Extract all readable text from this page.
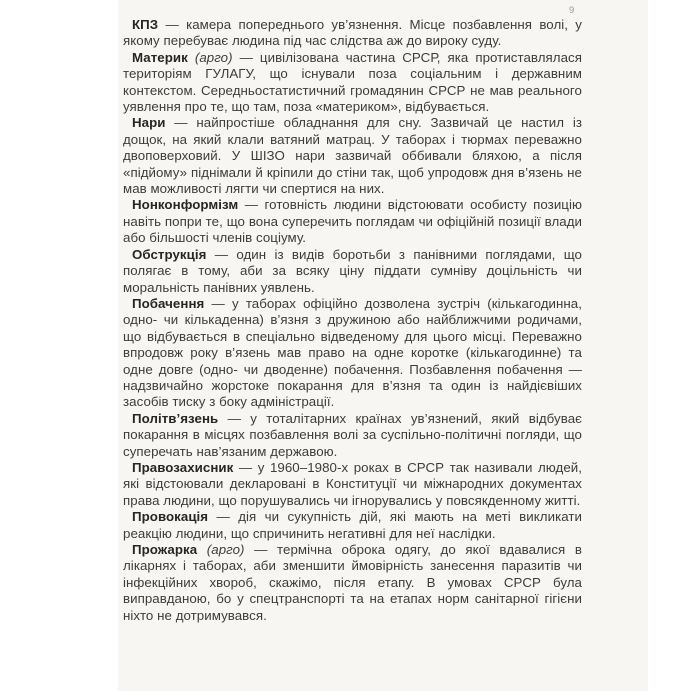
9

КПЗ — камера попереднього ув’язнення. Місце позбавлення волі, у якому перебуває людина під час слідства аж до вироку суду.

Материк (арго) — цивілізована частина СРСР, яка протиставлялася територіям ГУЛАГУ, що існували поза соціальним і державним контекстом. Середньостатистичний громадянин СРСР не мав реального уявлення про те, що там, поза «материком», відбувається.

Нари — найпростіше обладнання для сну. Зазвичай це настил із дощок, на який клали ватяний матрац. У таборах і тюрмах переважно двоповерховий. У ШІЗО нари зазвичай оббивали бляхою, а після «підйому» піднімали й кріпили до стіни так, щоб упродовж дня в’язень не мав можливості лягти чи спертися на них.

Нонконформізм — готовність людини відстоювати особисту позицію навіть попри те, що вона суперечить поглядам чи офіційній позиції влади або більшості членів соціуму.

Обструкція — один із видів боротьби з панівними поглядами, що полягає в тому, аби за всяку ціну піддати сумніву доцільність чи моральність панівних уявлень.

Побачення — у таборах офіційно дозволена зустріч (кількагодинна, одно- чи кількаденна) в’язня з дружиною або найближчими родичами, що відбувається в спеціально відведеному для цього місці. Переважно впродовж року в’язень мав право на одне коротке (кількагодинне) та одне довге (одно- чи дводенне) побачення. Позбавлення побачення — надзвичайно жорстоке покарання для в’язня та один із найдієвіших засобів тиску з боку адміністрації.

Політв’язень — у тоталітарних країнах ув’язнений, який відбуває покарання в місцях позбавлення волі за суспільно-політичні погляди, що суперечать нав’язаним державою.

Правозахисник — у 1960–1980-х роках в СРСР так називали людей, які відстоювали декларовані в Конституції чи міжнародних документах права людини, що порушувались чи ігнорувались у повсякденному житті.

Провокація — дія чи сукупність дій, які мають на меті викликати реакцію людини, що спричинить негативні для неї наслідки.

Прожарка (арго) — термічна оброка одягу, до якої вдавалися в лікарнях і таборах, аби зменшити ймовірність занесення паразитів чи інфекційних хвороб, скажімо, після етапу. В умовах СРСР була виправданою, бо у спецтранспорті та на етапах норм санітарної гігієни ніхто не дотримувався.
